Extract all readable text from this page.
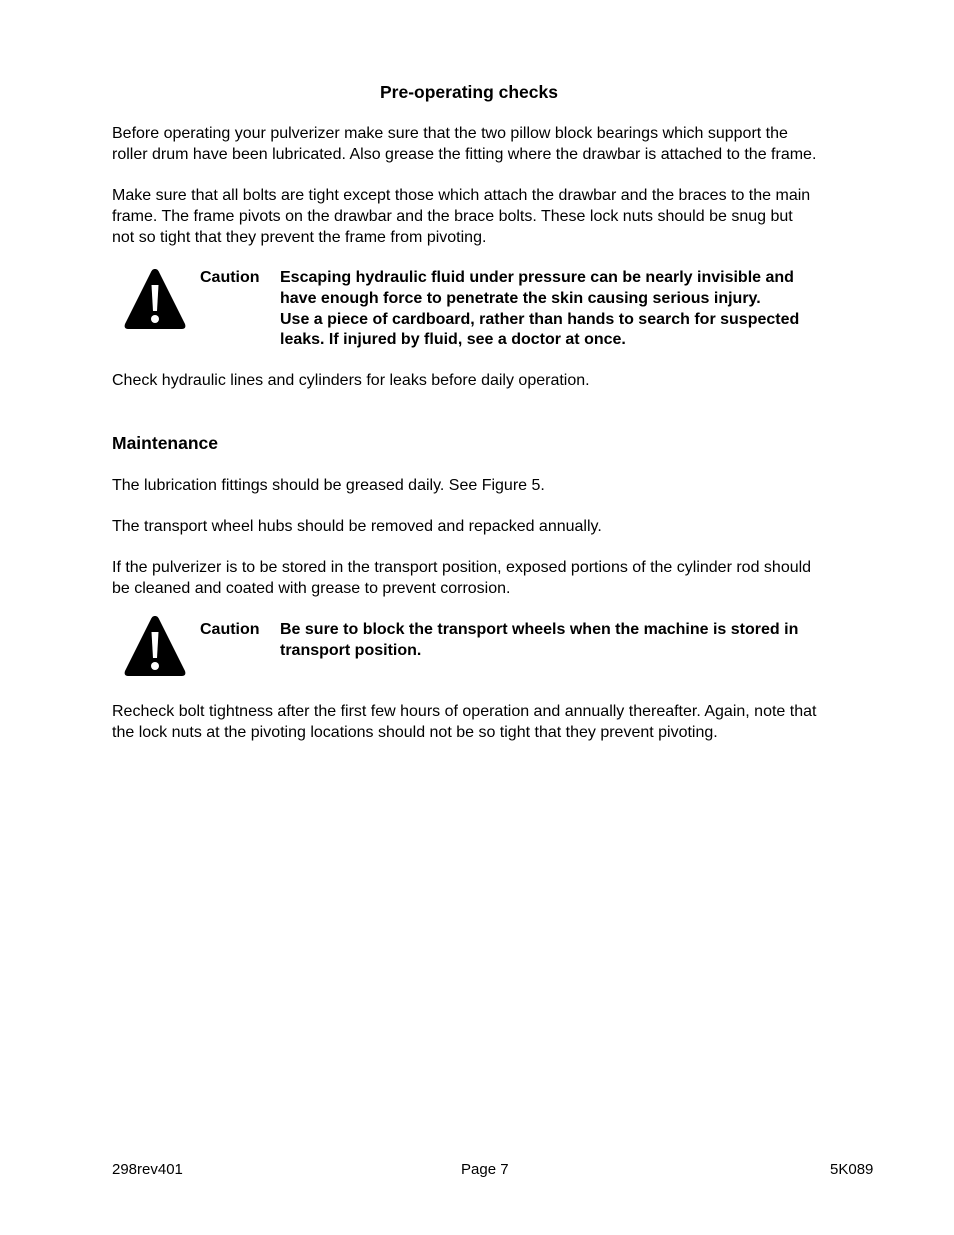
Pre-operating checks
Before operating your pulverizer make sure that the two pillow block bearings which support the
roller drum have been lubricated. Also grease the fitting where the drawbar is attached to the frame.
Make sure that all bolts are tight except those which attach the drawbar and the braces to the main
frame. The frame pivots on the drawbar and the brace bolts. These lock nuts should be snug but
not so tight that they prevent the frame from pivoting.
Caution Escaping hydraulic fluid under pressure can be nearly invisible and
have enough force to penetrate the skin causing serious injury.
Use a piece of cardboard, rather than hands to search for suspected
leaks. If injured by fluid, see a doctor at once.
Check hydraulic lines and cylinders for leaks before daily operation.
Maintenance
The lubrication fittings should be greased daily. See Figure 5.
The transport wheel hubs should be removed and repacked annually.
If the pulverizer is to be stored in the transport position, exposed portions of the cylinder rod should
be cleaned and coated with grease to prevent corrosion.
Caution Be sure to block the transport wheels when the machine is stored in
transport position.
Recheck bolt tightness after the first few hours of operation and annually thereafter. Again, note that
the lock nuts at the pivoting locations should not be so tight that they prevent pivoting.
298rev401	Page 7	5K089
